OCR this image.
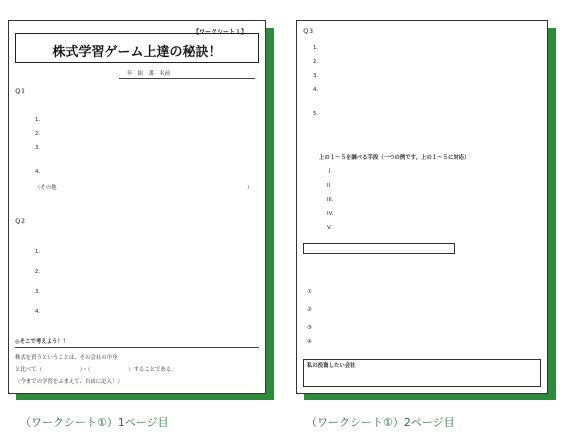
【ワークシート１】
株式学習ゲーム上達の秘訣！
年　組　番　名前
Ｑ１
1.
2.
3.
4.
（その他	）
Ｑ２
1.
2.
3.
4.
◎そこで考えよう！！
株式を買うということは、その会社の中身
と比べて（　　　　　　　）・（　　　　　　　）することである。
（今までの学習をふまえて、自由に記入！）
Ｑ３
1.
2.
3.
4.
5.
上の１～５を調べる手段（一つの例です。上の１～５に対応）
Ｉ
II
III.
IV.
V.
①
②
③
④
私の投資したい会社
（ワークシート①）1ページ目	（ワークシート①）2ページ目
